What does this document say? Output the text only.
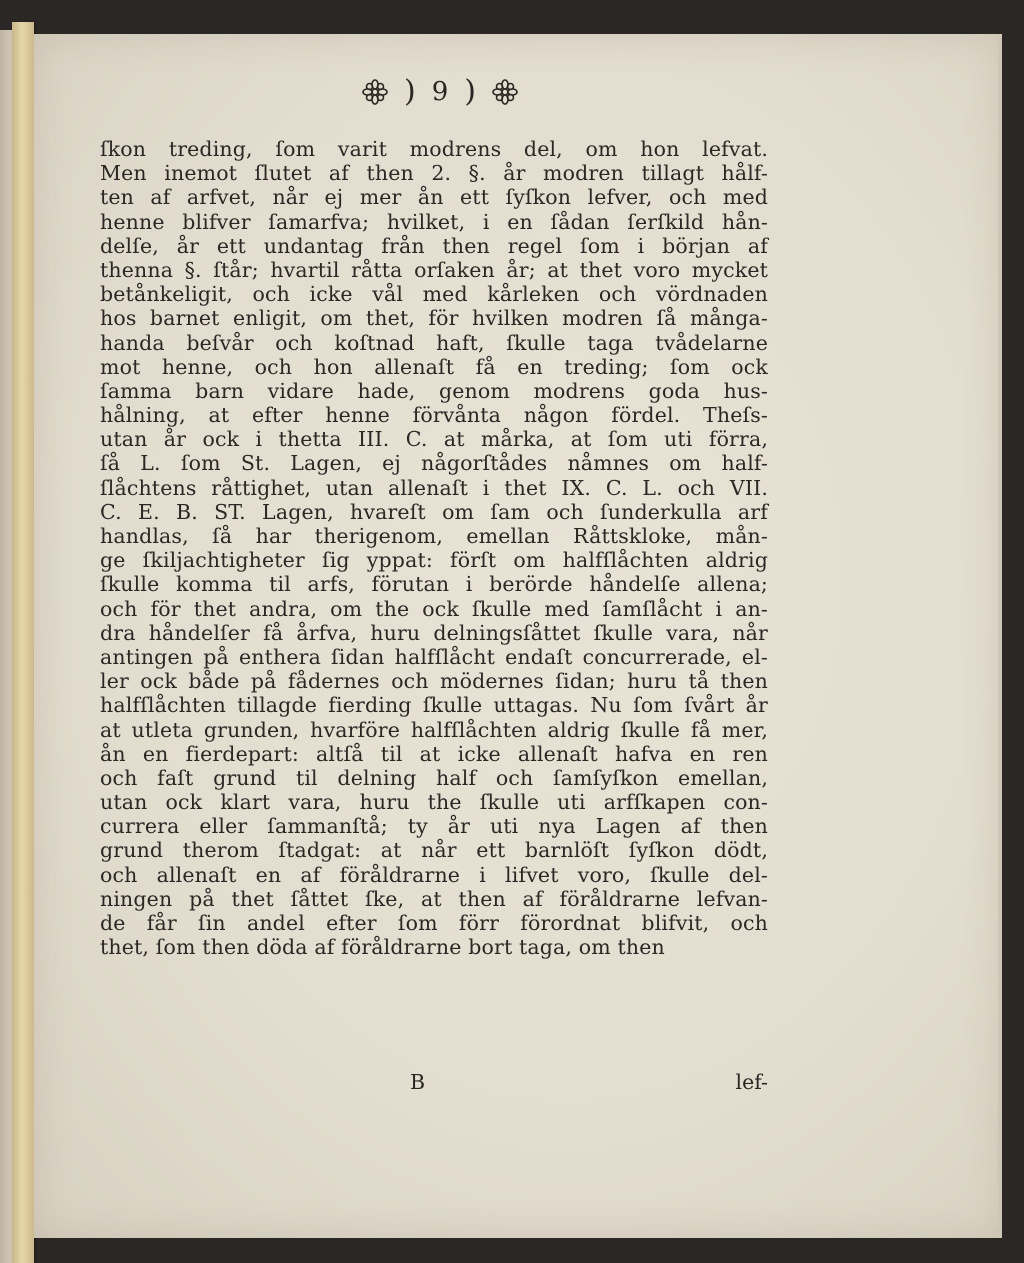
) 9 )
ſkon treding, ſom varit modrens del, om hon lefvat.
Men inemot ſlutet af then 2. §. år modren tillagt hålf-
ten af arfvet, når ej mer ån ett ſyſkon lefver, och med
henne blifver ſamarfva; hvilket, i en ſådan ſerſkild hån-
delſe, år ett undantag från then regel ſom i början af
thenna §. ſtår; hvartil råtta orſaken år; at thet voro mycket
betånkeligit, och icke vål med kårleken och vördnaden
hos barnet enligit, om thet, för hvilken modren ſå många-
handa beſvår och koſtnad haft, ſkulle taga tvådelarne
mot henne, och hon allenaſt få en treding; ſom ock
ſamma barn vidare hade, genom modrens goda hus-
hålning, at efter henne förvånta någon fördel. Theſs-
utan år ock i thetta III. C. at mårka, at ſom uti förra,
ſå L. ſom St. Lagen, ej någorſtådes nåmnes om half-
ſlåchtens råttighet, utan allenaſt i thet IX. C. L. och VII.
C. E. B. ST. Lagen, hvareſt om ſam och ſunderkulla arf
handlas, ſå har therigenom, emellan Råttskloke, mån-
ge ſkiljachtigheter ſig yppat: förſt om halfſlåchten aldrig
ſkulle komma til arfs, förutan i berörde håndelſe allena;
och för thet andra, om the ock ſkulle med ſamſlåcht i an-
dra håndelſer få årfva, huru delningsſåttet ſkulle vara, når
antingen på enthera ſidan halfſlåcht endaſt concurrerade, el-
ler ock både på fådernes och mödernes ſidan; huru tå then
halfſlåchten tillagde fierding ſkulle uttagas. Nu ſom ſvårt år
at utleta grunden, hvarföre halfſlåchten aldrig ſkulle få mer,
ån en fierdepart: altſå til at icke allenaſt hafva en ren
och faſt grund til delning half och ſamſyſkon emellan,
utan ock klart vara, huru the ſkulle uti arfſkapen con-
currera eller ſammanſtå; ty år uti nya Lagen af then
grund therom ſtadgat: at når ett barnlöſt ſyſkon dödt,
och allenaſt en af föråldrarne i lifvet voro, ſkulle del-
ningen på thet ſåttet ſke, at then af föråldrarne lefvan-
de får ſin andel efter ſom förr förordnat blifvit, och
thet, ſom then döda af föråldrarne bort taga, om then
B	lef-
